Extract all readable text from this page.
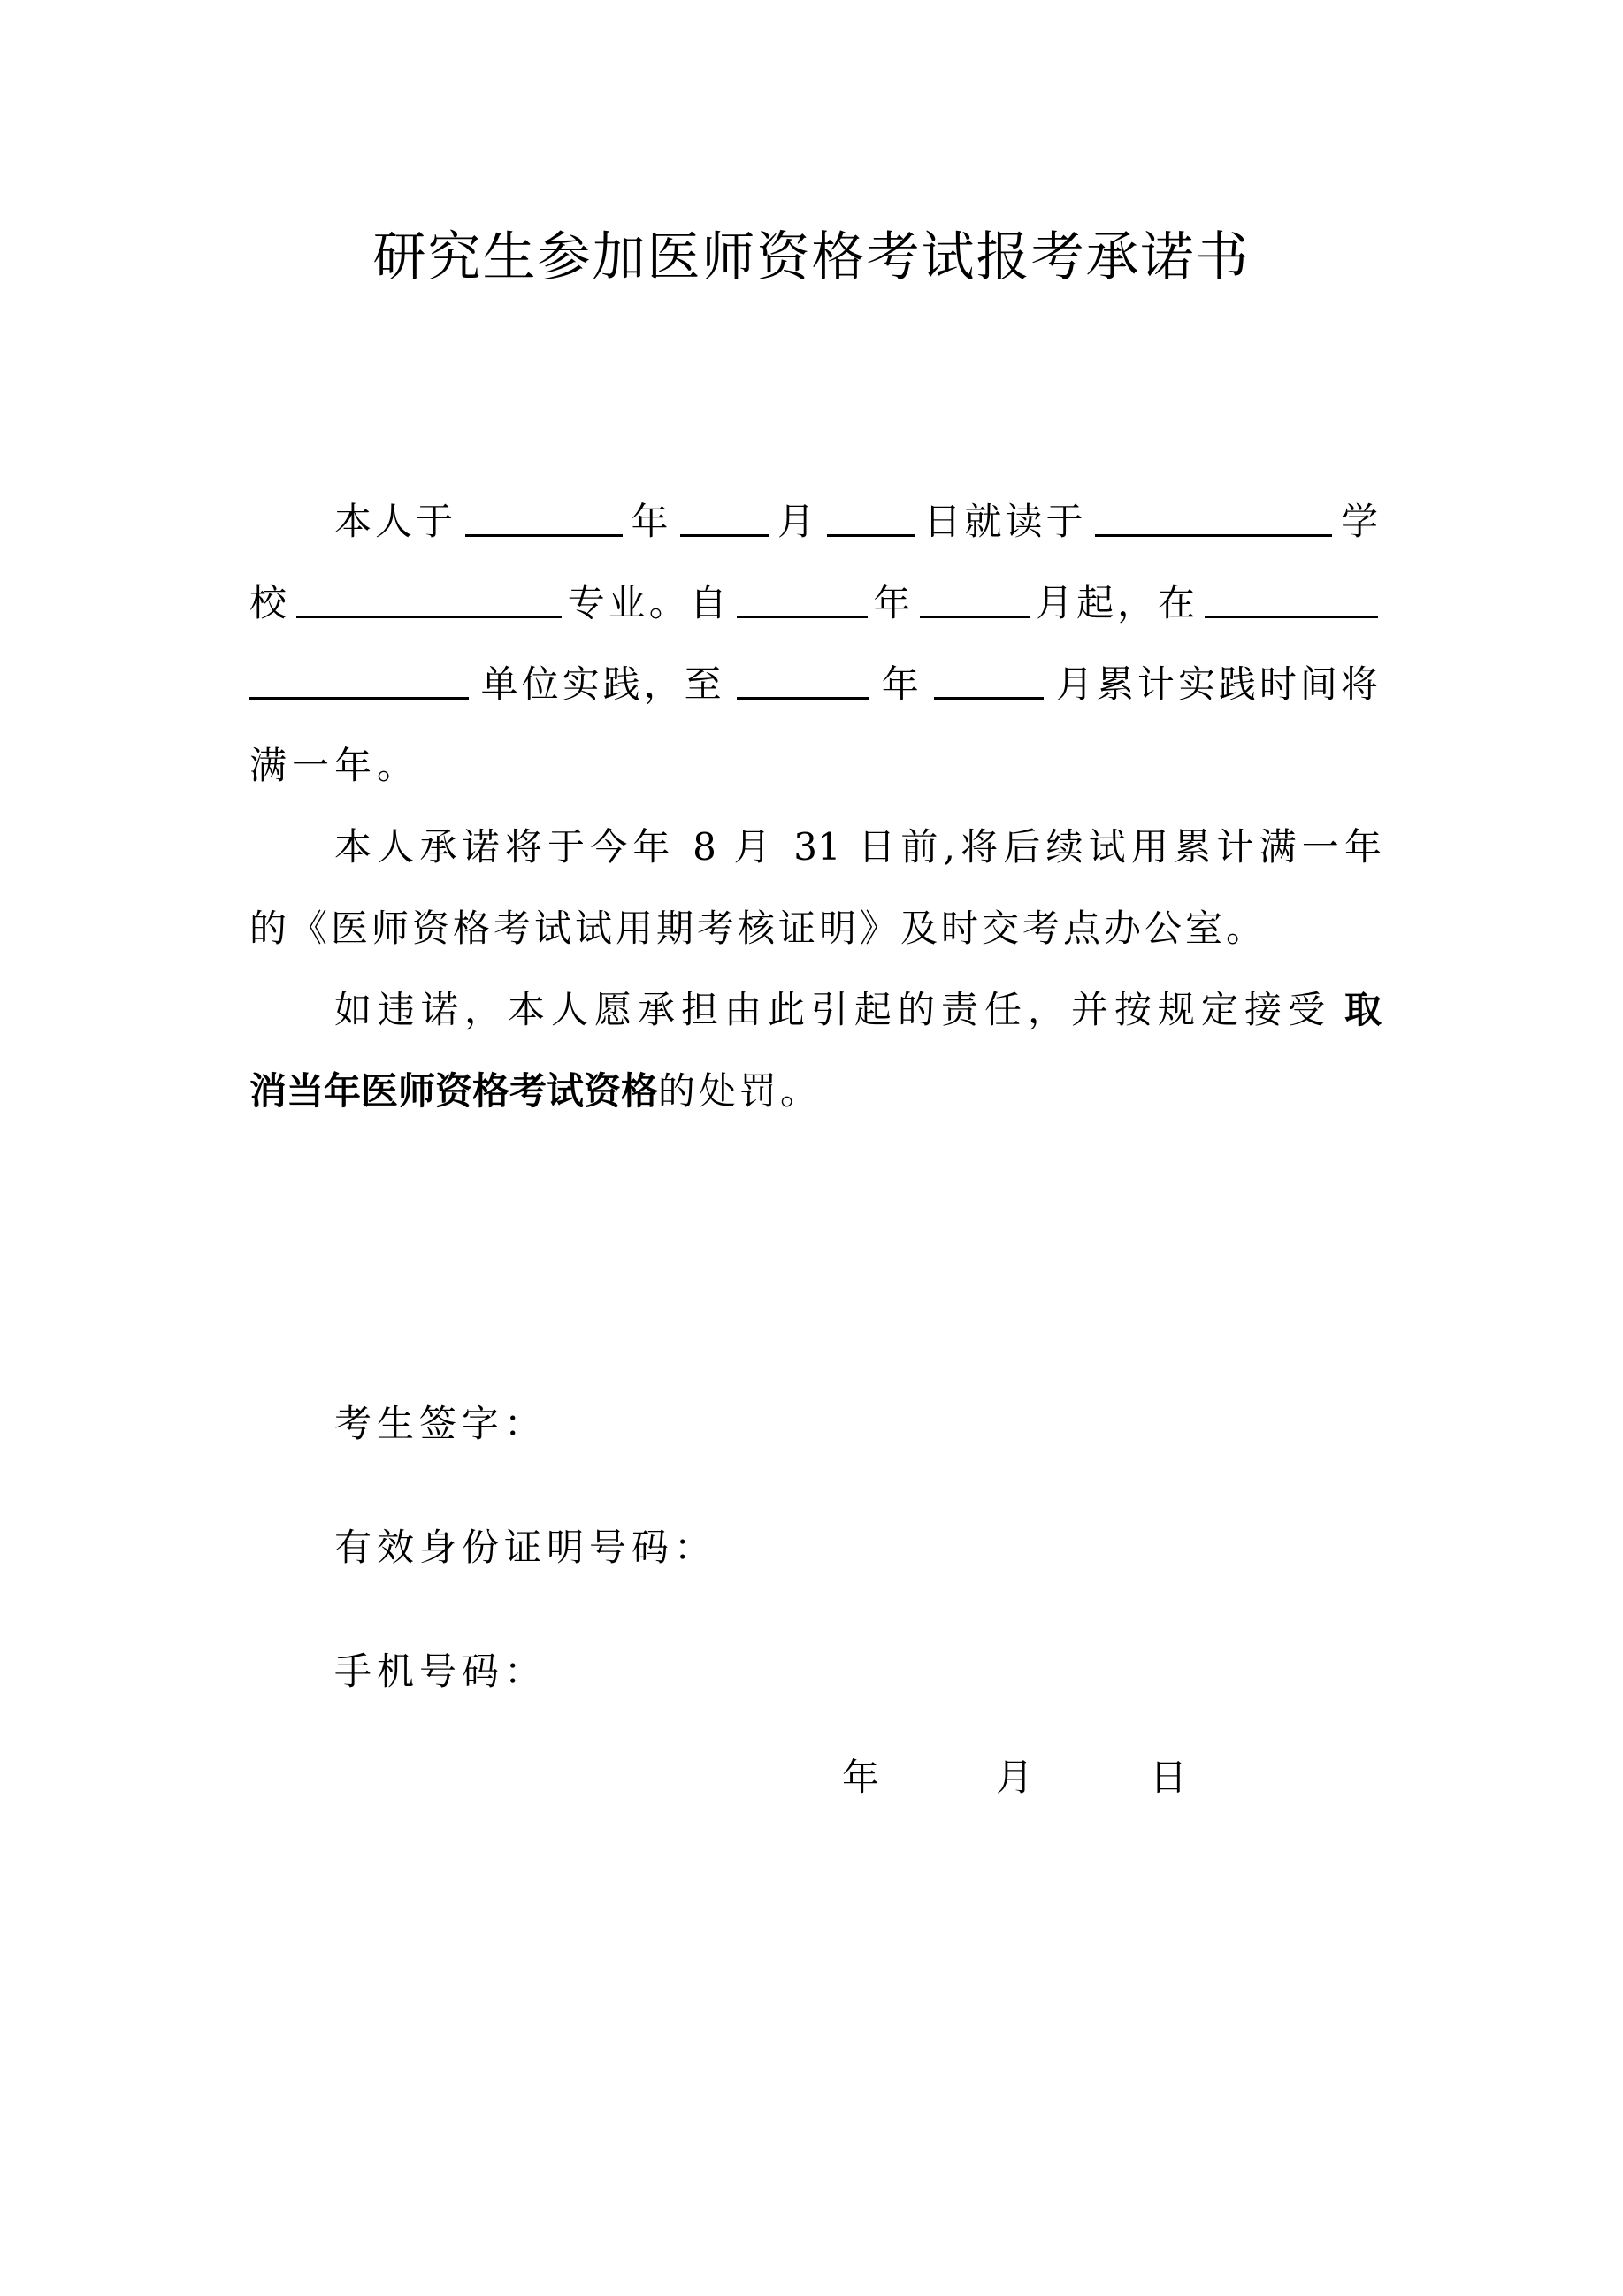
研究生参加医师资格考试报考承诺书
本人于	年	月	日就读于	学
校	专业。自	年	月起，在
单位实践，至	年	月累计实践时间将
满一年。
本人承诺将于今年 8 月 31 日前,将后续试用累计满一年
的《医师资格考试试用期考核证明》及时交考点办公室。
如违诺，本人愿承担由此引起的责任，并按规定接受 取
消当年医师资格考试资格的处罚。
考生签字：
有效身份证明号码：
手机号码：
年	月	日
